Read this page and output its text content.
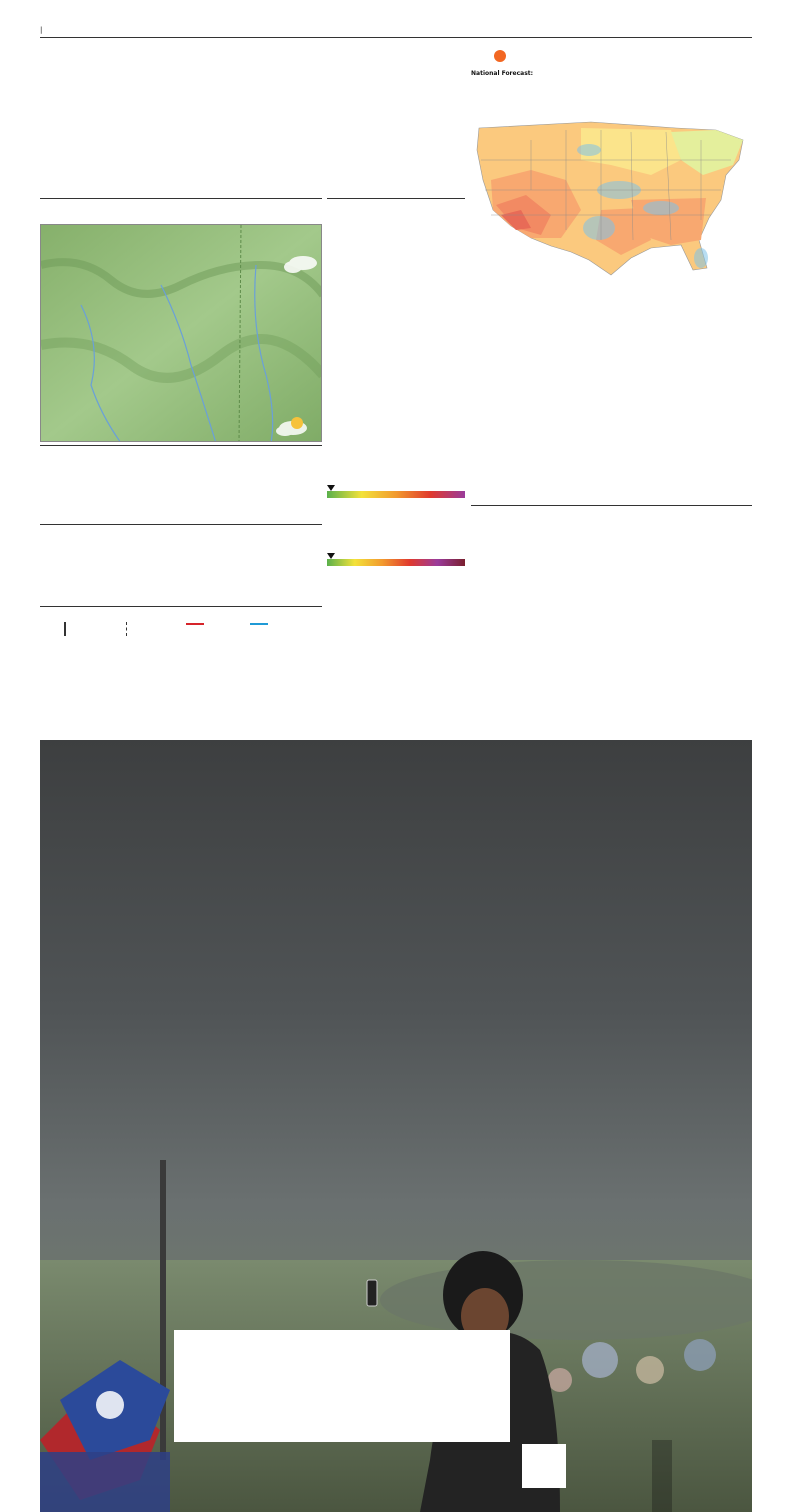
|
National Forecast:
